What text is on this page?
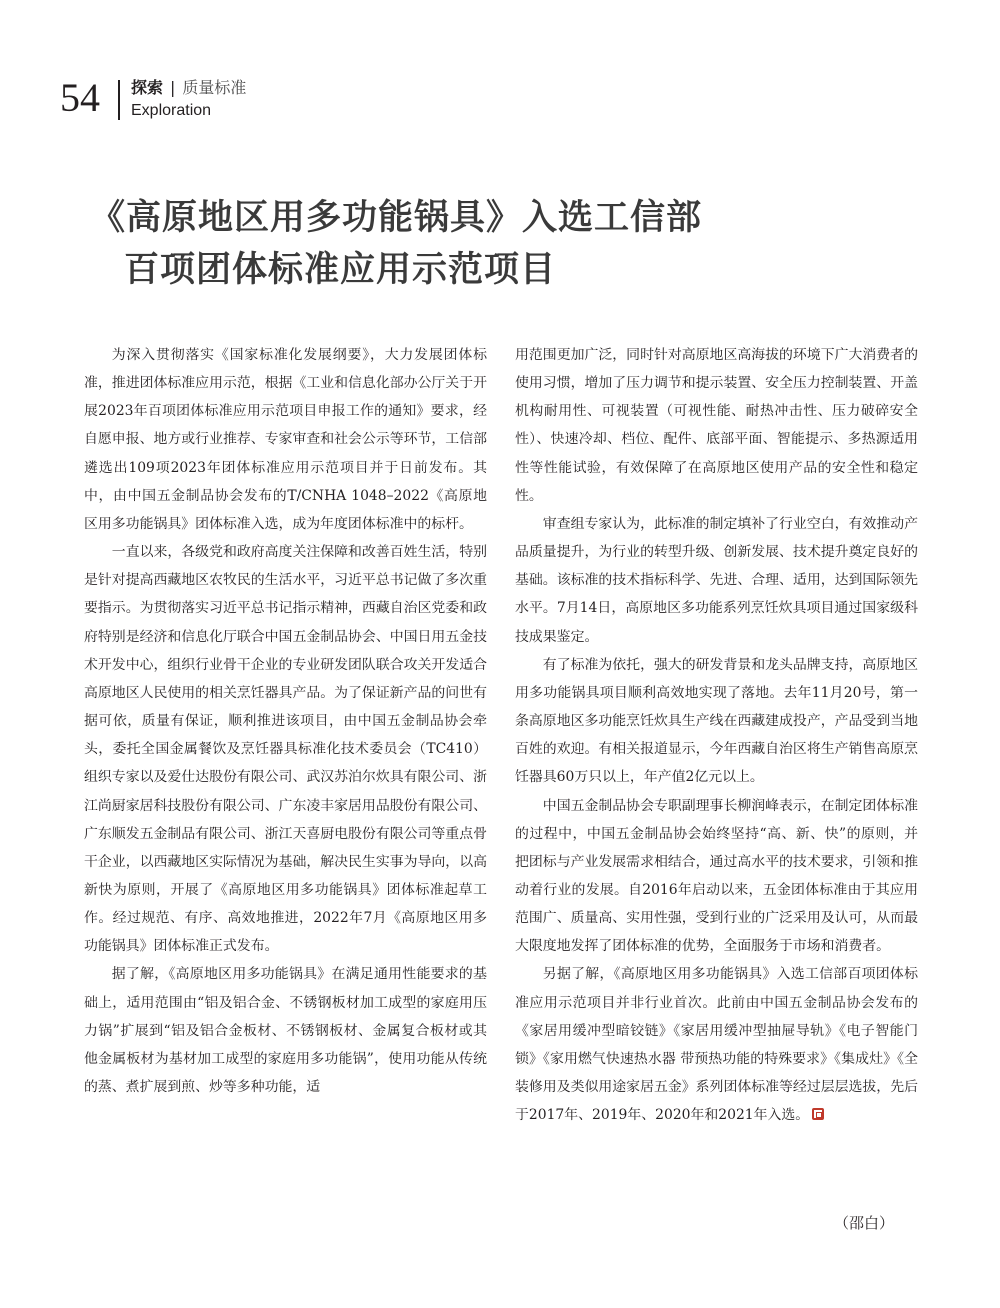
54 探索 | 质量标准
Exploration
《高原地区用多功能锅具》入选工信部
百项团体标准应用示范项目

为深入贯彻落实《国家标准化发展纲要》，大力发展团体标准，推进团体标准应用示范，根据《工业和信息化部办公厅关于开展2023年百项团体标准应用示范项目申报工作的通知》要求，经自愿申报、地方或行业推荐、专家审查和社会公示等环节，工信部遴选出109项2023年团体标准应用示范项目并于日前发布。其中，由中国五金制品协会发布的T/CNHA 1048–2022《高原地区用多功能锅具》团体标准入选，成为年度团体标准中的标杆。

一直以来，各级党和政府高度关注保障和改善百姓生活，特别是针对提高西藏地区农牧民的生活水平，习近平总书记做了多次重要指示。为贯彻落实习近平总书记指示精神，西藏自治区党委和政府特别是经济和信息化厅联合中国五金制品协会、中国日用五金技术开发中心，组织行业骨干企业的专业研发团队联合攻关开发适合高原地区人民使用的相关烹饪器具产品。为了保证新产品的问世有据可依，质量有保证，顺利推进该项目，由中国五金制品协会牵头，委托全国金属餐饮及烹饪器具标准化技术委员会（TC410）组织专家以及爱仕达股份有限公司、武汉苏泊尔炊具有限公司、浙江尚厨家居科技股份有限公司、广东凌丰家居用品股份有限公司、广东顺发五金制品有限公司、浙江天喜厨电股份有限公司等重点骨干企业，以西藏地区实际情况为基础，解决民生实事为导向，以高新快为原则，开展了《高原地区用多功能锅具》团体标准起草工作。经过规范、有序、高效地推进，2022年7月《高原地区用多功能锅具》团体标准正式发布。

据了解，《高原地区用多功能锅具》在满足通用性能要求的基础上，适用范围由“铝及铝合金、不锈钢板材加工成型的家庭用压力锅”扩展到“铝及铝合金板材、不锈钢板材、金属复合板材或其他金属板材为基材加工成型的家庭用多功能锅”，使用功能从传统的蒸、煮扩展到煎、炒等多种功能，适

用范围更加广泛，同时针对高原地区高海拔的环境下广大消费者的使用习惯，增加了压力调节和提示装置、安全压力控制装置、开盖机构耐用性、可视装置（可视性能、耐热冲击性、压力破碎安全性）、快速冷却、档位、配件、底部平面、智能提示、多热源适用性等性能试验，有效保障了在高原地区使用产品的安全性和稳定性。

审查组专家认为，此标准的制定填补了行业空白，有效推动产品质量提升，为行业的转型升级、创新发展、技术提升奠定良好的基础。该标准的技术指标科学、先进、合理、适用，达到国际领先水平。7月14日，高原地区多功能系列烹饪炊具项目通过国家级科技成果鉴定。

有了标准为依托，强大的研发背景和龙头品牌支持，高原地区用多功能锅具项目顺利高效地实现了落地。去年11月20号，第一条高原地区多功能烹饪炊具生产线在西藏建成投产，产品受到当地百姓的欢迎。有相关报道显示，今年西藏自治区将生产销售高原烹饪器具60万只以上，年产值2亿元以上。

中国五金制品协会专职副理事长柳润峰表示，在制定团体标准的过程中，中国五金制品协会始终坚持“高、新、快”的原则，并把团标与产业发展需求相结合，通过高水平的技术要求，引领和推动着行业的发展。自2016年启动以来，五金团体标准由于其应用范围广、质量高、实用性强，受到行业的广泛采用及认可，从而最大限度地发挥了团体标准的优势，全面服务于市场和消费者。

另据了解，《高原地区用多功能锅具》入选工信部百项团体标准应用示范项目并非行业首次。此前由中国五金制品协会发布的《家居用缓冲型暗铰链》《家居用缓冲型抽屉导轨》《电子智能门锁》《家用燃气快速热水器 带预热功能的特殊要求》《集成灶》《全装修用及类似用途家居五金》系列团体标准等经过层层选拔，先后于2017年、2019年、2020年和2021年入选。

（邵白）
